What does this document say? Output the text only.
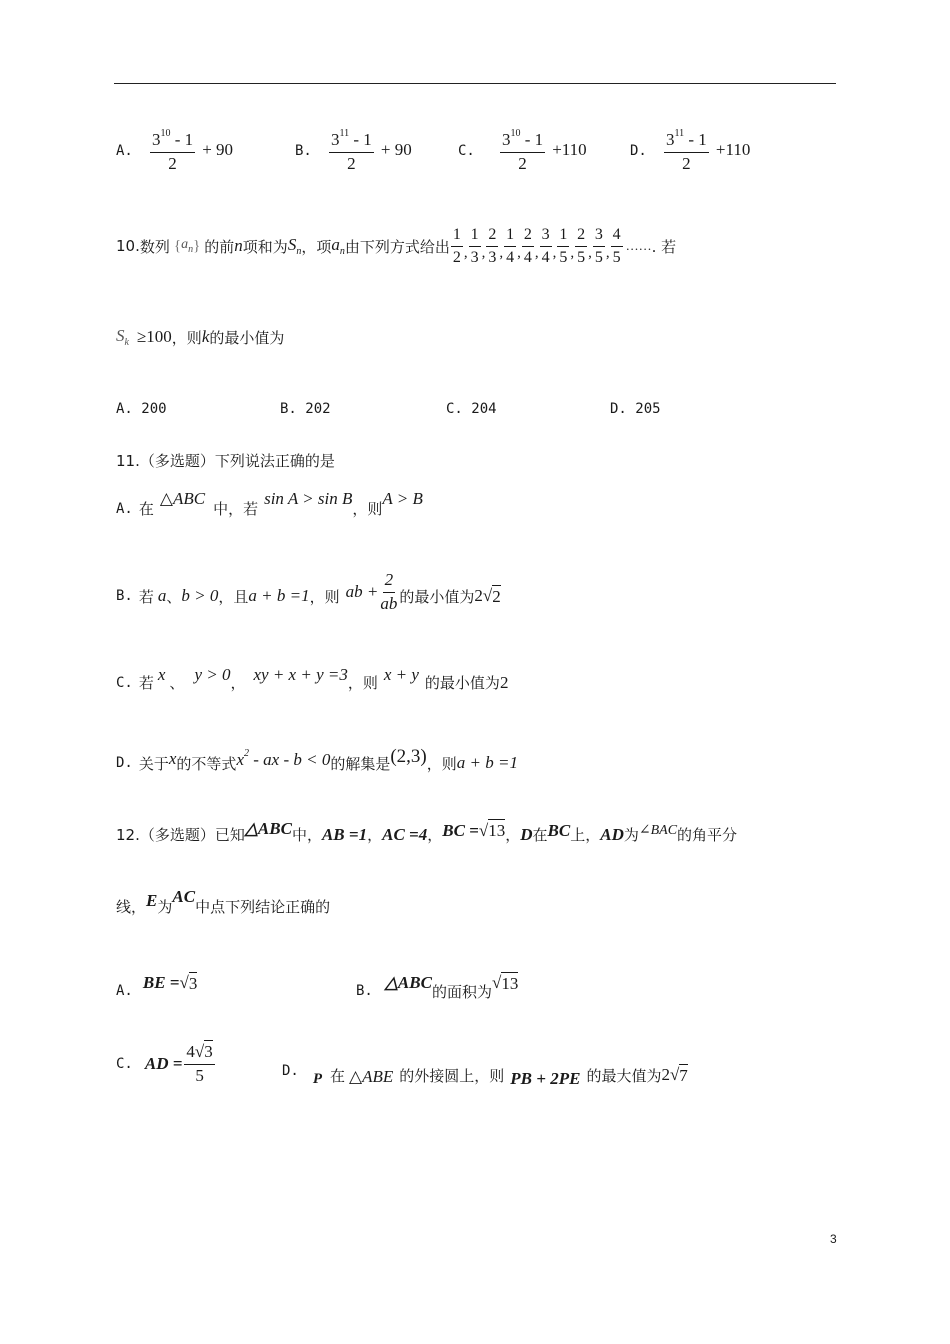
A. $\frac{3^{10} - 1}{2} + 90$	B. $\frac{3^{11} - 1}{2} + 90$	C. $\frac{3^{10} - 1}{2} +110$	D. $\frac{3^{11} - 1}{2} +110$
10. 数列 { $a_n$ } 的前 n 项和为 $S_n$ ，项 $a_n$ 由下列方式给出 $\frac{1}{2}$ , $\frac{1}{3}$ , $\frac{2}{3}$ , $\frac{1}{4}$ , $\frac{2}{4}$ , $\frac{3}{4}$ , $\frac{1}{5}$ , $\frac{2}{5}$ , $\frac{3}{5}$ , $\frac{4}{5}$ …… . 若
$S_k \ge 100$ ，则 k 的最小值为
A. 200	B. 202	C. 204	D. 205
11.（多选题）下列说法正确的是
A. 在
△ABC
中，若
sin A > sin B
，则
A > B
B. 若 a 、 b > 0 ，且 a + b =1 ，则 ab + $\frac{2}{ab}$ 的最小值为 2 √ 2
C. 若 x 、 y > 0 ， xy + x + y =3 ，则 x + y 的最小值为 2
D. 关于 x 的不等式 $x^2$ - ax - b < 0 的解集是 (2,3) ，则 a + b =1
12.（多选题）已知 △ABC 中， AB =1 ， AC =4 ， BC =√13 ， D 在 BC 上， AD 为 ∠BAC 的角平分
线， E 为
AC
中点下列结论正确的
A. BE = √ 3	B. △ABC 的面积为 √ 13
C. AD = $\frac{4√3}{5}$	D. P 在 △ABE 的外接圆上，则 PB + 2PE 的最大值为 2 √ 7
3
